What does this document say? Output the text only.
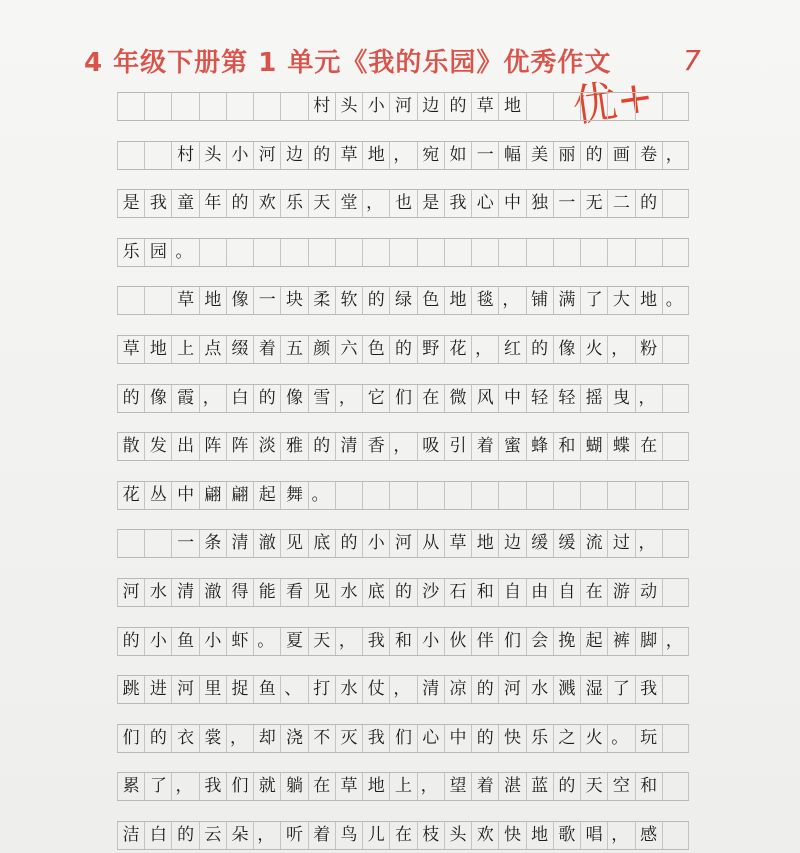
4 年级下册第 1 单元《我的乐园》优秀作文	7
优+
村 头 小 河 边 的 草 地
村 头 小 河 边 的 草 地 ， 宛 如 一 幅 美 丽 的 画 卷 ，
是 我 童 年 的 欢 乐 天 堂 ， 也 是 我 心 中 独 一 无 二 的
乐 园 。
草 地 像 一 块 柔 软 的 绿 色 地 毯 ， 铺 满 了 大 地 。
草 地 上 点 缀 着 五 颜 六 色 的 野 花 ， 红 的 像 火 ， 粉
的 像 霞 ， 白 的 像 雪 ， 它 们 在 微 风 中 轻 轻 摇 曳 ，
散 发 出 阵 阵 淡 雅 的 清 香 ， 吸 引 着 蜜 蜂 和 蝴 蝶 在
花 丛 中 翩 翩 起 舞 。
一 条 清 澈 见 底 的 小 河 从 草 地 边 缓 缓 流 过 ，
河 水 清 澈 得 能 看 见 水 底 的 沙 石 和 自 由 自 在 游 动
的 小 鱼 小 虾 。 夏 天 ， 我 和 小 伙 伴 们 会 挽 起 裤 脚 ，
跳 进 河 里 捉 鱼 、 打 水 仗 ， 清 凉 的 河 水 溅 湿 了 我
们 的 衣 裳 ， 却 浇 不 灭 我 们 心 中 的 快 乐 之 火 。 玩
累 了 ， 我 们 就 躺 在 草 地 上 ， 望 着 湛 蓝 的 天 空 和
洁 白 的 云 朵 ， 听 着 鸟 儿 在 枝 头 欢 快 地 歌 唱 ， 感
